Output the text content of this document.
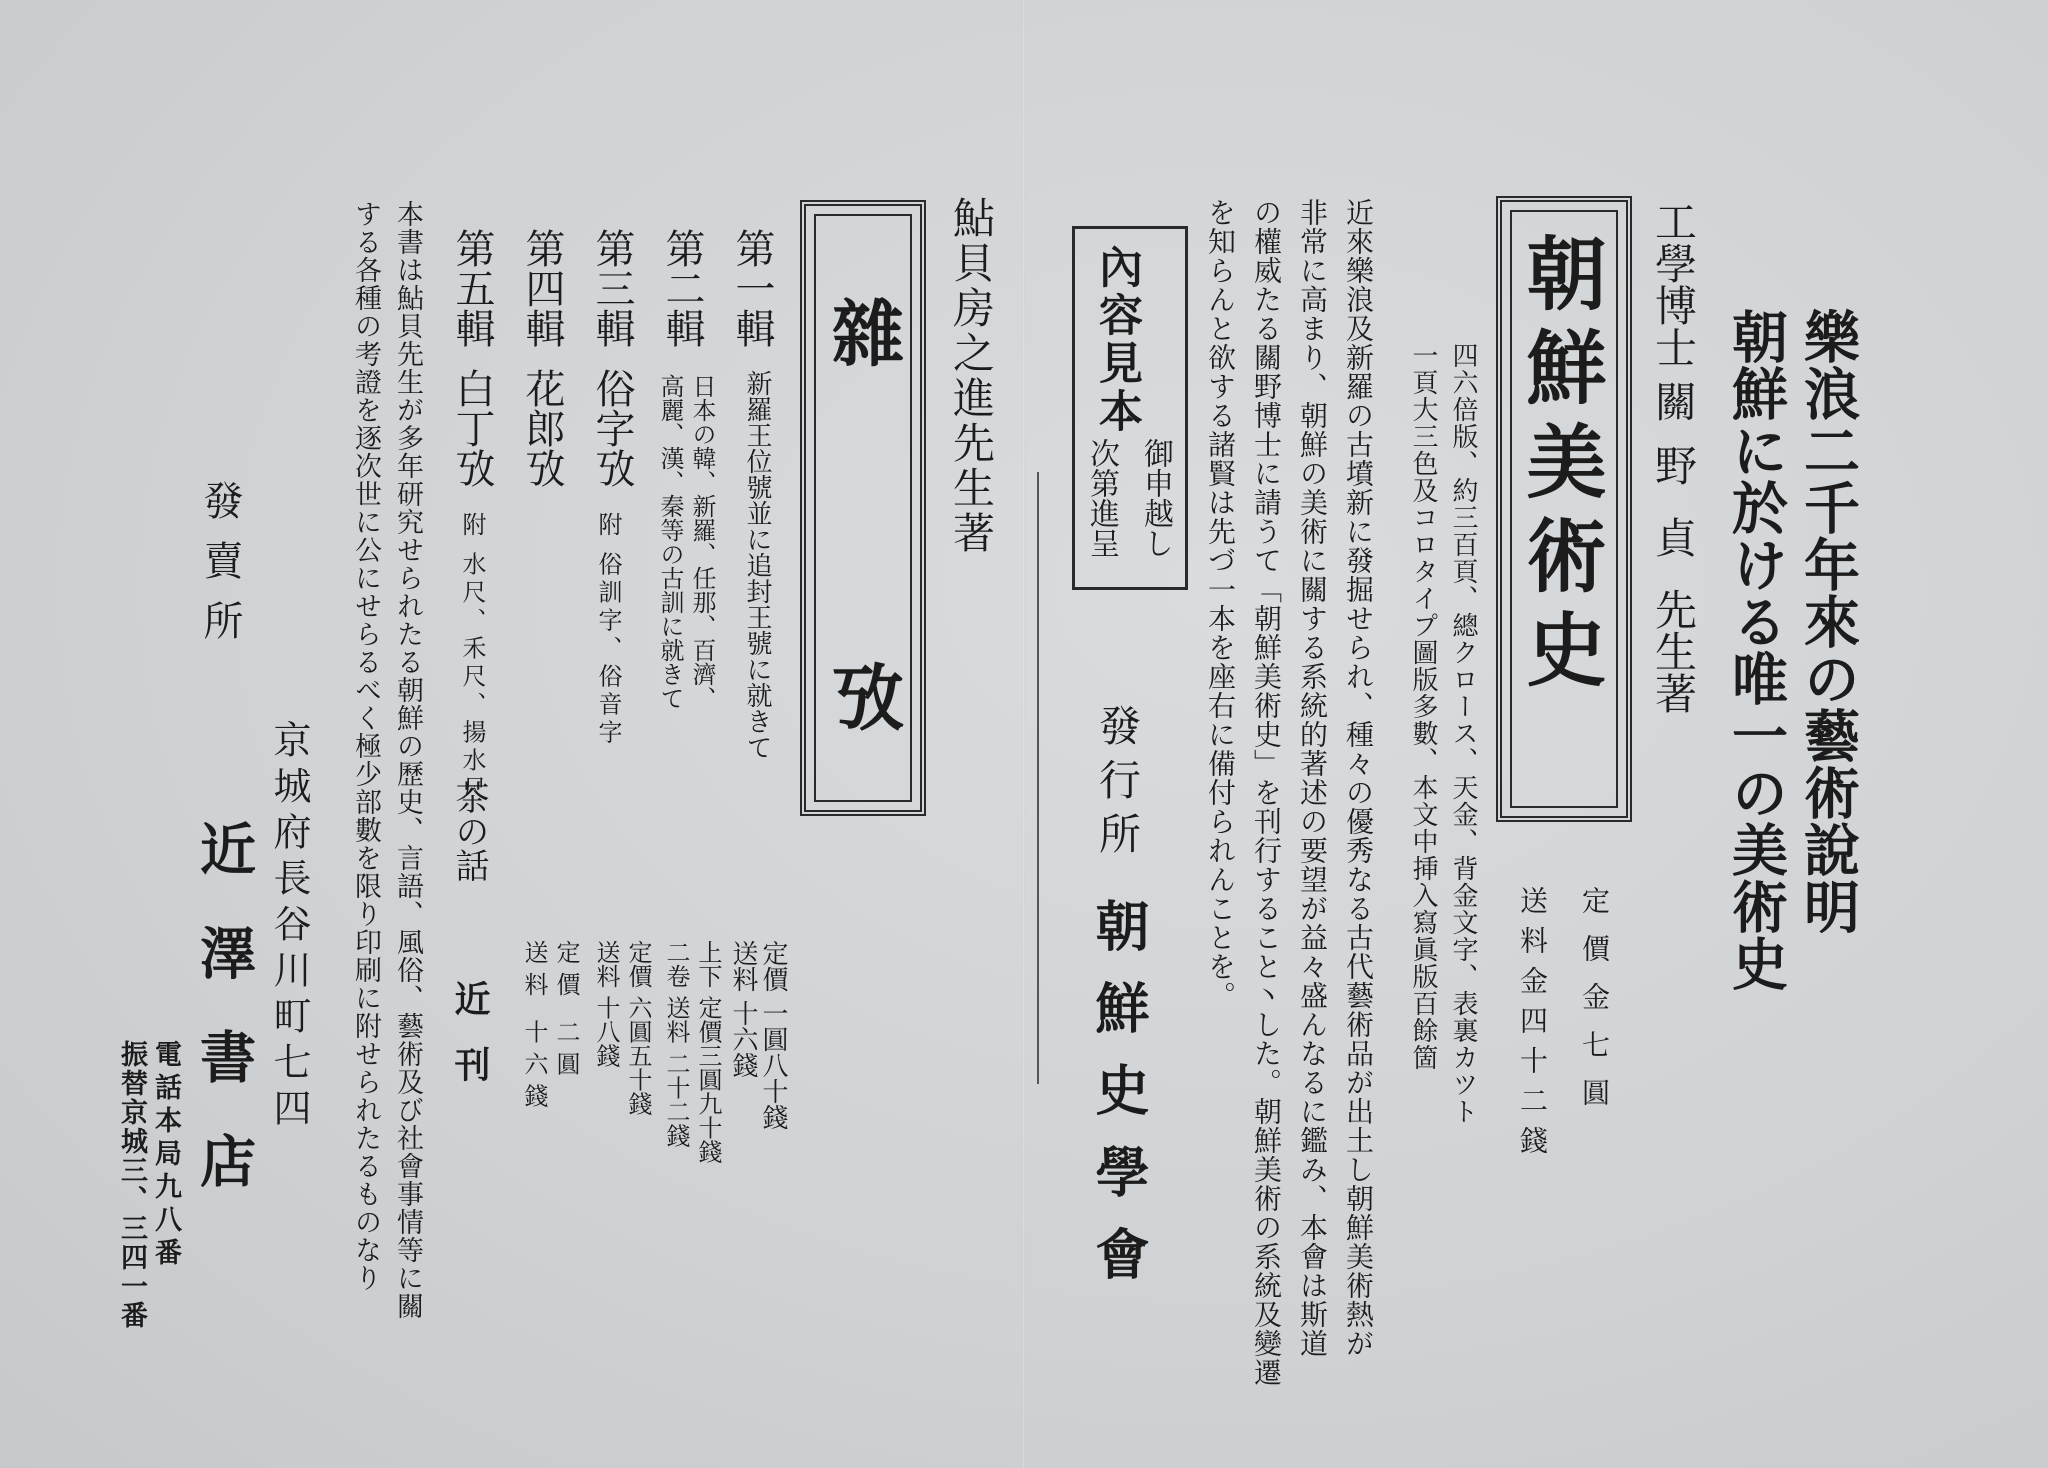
樂浪二千年來の藝術說明
朝鮮に於ける唯一の美術史
工學博士
關野
貞
先生著
朝鮮美術史
定價金七圓
送料金四十二錢
四六倍版、約三百頁、總クロース、天金、背金文字、表裏カツト
一頁大三色及コロタイプ圖版多數、本文中挿入寫眞版百餘箇
近來樂浪及新羅の古墳新に發掘せられ、種々の優秀なる古代藝術品が出土し朝鮮美術熱が
非常に高まり、朝鮮の美術に關する系統的著述の要望が益々盛んなるに鑑み、本會は斯道
の權威たる關野博士に請うて「朝鮮美術史」を刊行すること丶した。朝鮮美術の系統及變遷
を知らんと欲する諸賢は先づ一本を座右に備付られんことを。
內容見本
御申越し
次第進呈
發行所
朝鮮史學會
鮎貝房之進先生著
雜
攷
第一輯
新羅王位號並に追封王號に就きて
定價 一圓八十錢
送料 十六錢
第二輯
日本の韓、新羅、任那、百濟、
高麗、漢、秦等の古訓に就きて
上下 定價三圓九十錢
二卷 送料 二十二錢
第三輯
俗字攷
附 俗訓字、俗音字
定價 六圓五十錢
送料 十八錢
第四輯
花郎攷
定價 二圓
送料 十六錢
第五輯
白丁攷
附 水尺、禾尺、揚水尺
茶の話
近刊
本書は鮎貝先生が多年研究せられたる朝鮮の歷史、言語、風俗、藝術及び社會事情等に關
する各種の考證を逐次世に公にせらるべく極少部數を限り印刷に附せられたるものなり
發賣所
京城府長谷川町七四
近澤書店
電話本局九八番
振替京城三、三四一番
